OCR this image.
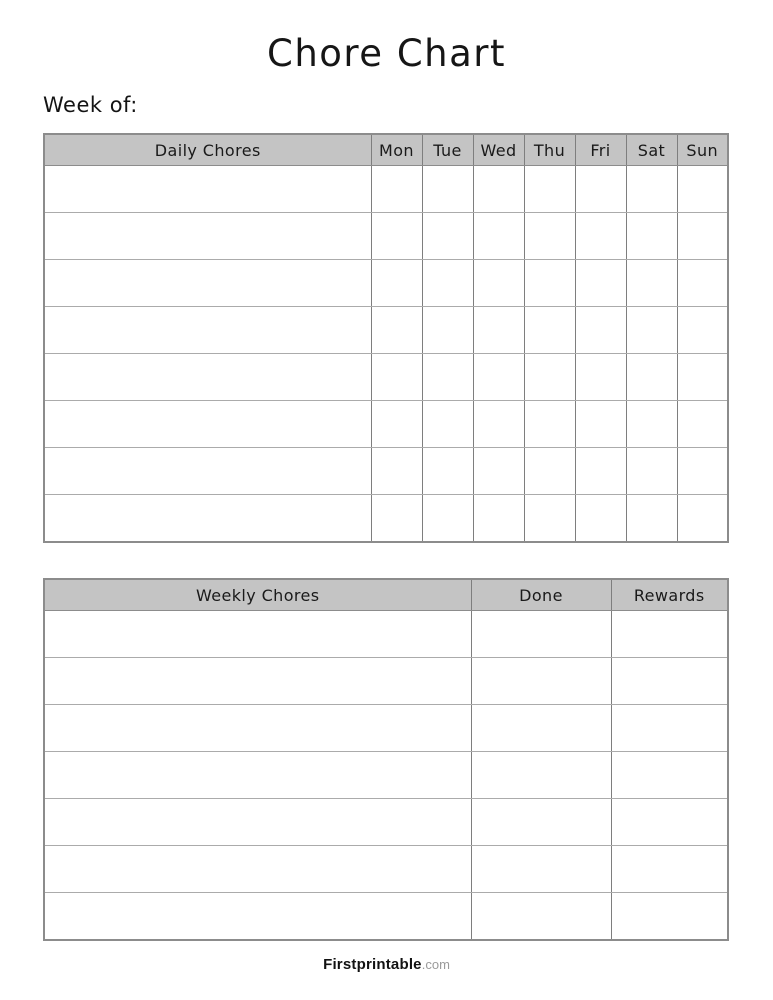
Chore Chart
Week of:
Daily Chores	Mon	Tue	Wed	Thu	Fri	Sat	Sun

Weekly Chores	Done	Rewards

Firstprintable.com
